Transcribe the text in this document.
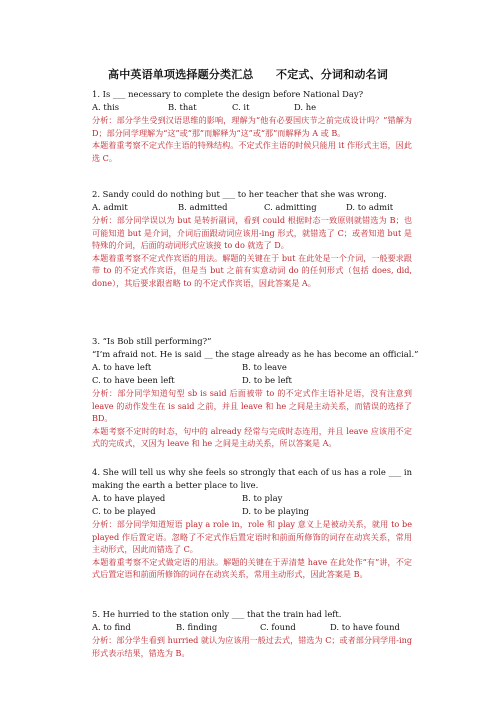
高中英语单项选择题分类汇总　　不定式、分词和动名词

1. Is ___ necessary to complete the design before National Day?

A. this	B. that	C. it	D. he

分析：部分学生受到汉语思维的影响，理解为“他有必要国庆节之前完成设计吗？”错解为 D；部分同学理解为“这”或“那”而解释为“这”或“那”而解释为 A 或 B。

本题着重考察不定式作主语的特殊结构。不定式作主语的时候只能用 it 作形式主语，因此选 C。

2. Sandy could do nothing but ___ to her teacher that she was wrong.

A. admit	B. admitted	C. admitting	D. to admit

分析：部分同学误以为 but 是转折副词，看到 could 根据时态一致原则就错选为 B；也可能知道 but 是介词，介词后面跟动词应该用-ing 形式，就错选了 C；或者知道 but 是特殊的介词，后面的动词形式应该接 to do 就选了 D。

本题着重考察不定式作宾语的用法。解题的关键在于 but 在此处是一个介词，一般要求跟带 to 的不定式作宾语，但是当 but 之前有实意动词 do 的任何形式（包括 does, did, done），其后要求跟省略 to 的不定式作宾语，因此答案是 A。

3. “Is Bob still performing?”

“I’m afraid not. He is said __ the stage already as he has become an official.”

A. to have left	B. to leave

C. to have been left	D. to be left

分析：部分同学知道句型 sb is said 后面被带 to 的不定式作主语补足语，没有注意到 leave 的动作发生在 is said 之前，并且 leave 和 he 之间是主动关系，而错误的选择了 BD。

本题考察不定时的时态，句中的 already 经常与完成时态连用，并且 leave 应该用不定式的完成式，又因为 leave 和 he 之间是主动关系，所以答案是 A。

4. She will tell us why she feels so strongly that each of us has a role ___ in making the earth a better place to live.

A. to have played	B. to play

C. to be played	D. to be playing

分析：部分同学知道短语 play a role in，role 和 play 意义上是被动关系，就用 to be played 作后置定语。忽略了不定式作后置定语时和前面所修饰的词存在动宾关系，常用主动形式，因此而错选了 C。

本题着重考察不定式做定语的用法。解题的关键在于弄清楚 have 在此处作“有”讲，不定式后置定语和前面所修饰的词存在动宾关系，常用主动形式，因此答案是 B。

5. He hurried to the station only ___ that the train had left.

A. to find	B. finding	C. found	D. to have found

分析：部分学生看到 hurried 就认为应该用一般过去式，错选为 C；或者部分同学用-ing 形式表示结果，错选为 B。
